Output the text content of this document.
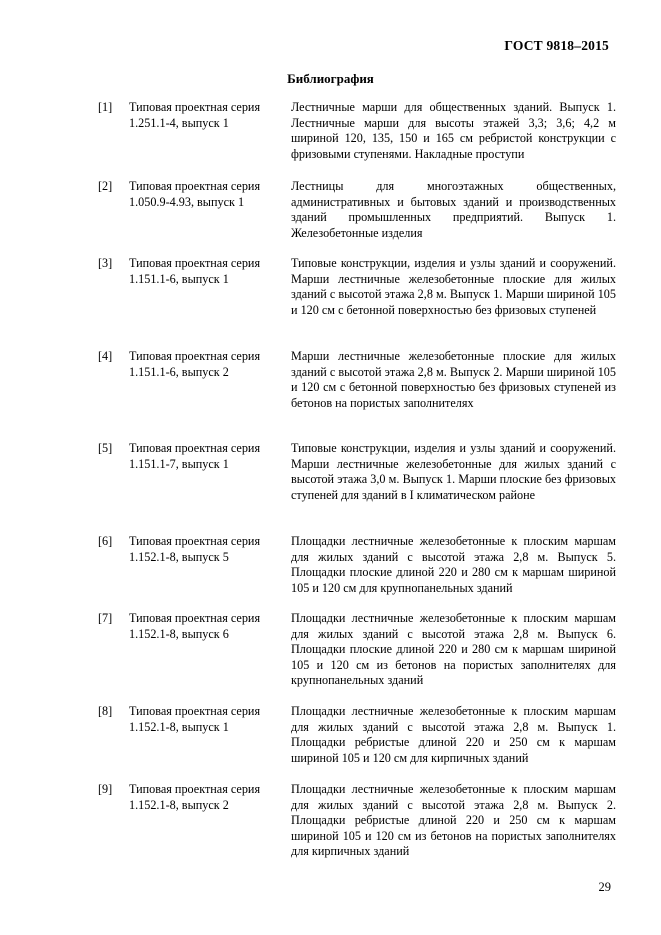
ГОСТ 9818–2015
Библиография
[1]	Типовая проектная серия
1.251.1-4, выпуск 1
Лестничные марши для общественных зданий. Выпуск 1. Лестничные марши для высоты этажей 3,3; 3,6; 4,2 м шириной 120, 135, 150 и 165 см ребристой конструкции с фризовыми ступенями. Накладные проступи
[2]	Типовая проектная серия
1.050.9-4.93, выпуск 1
Лестницы для многоэтажных общественных, административных и бытовых зданий и производственных зданий промышленных предприятий. Выпуск 1. Железобетонные изделия
[3]	Типовая проектная серия
1.151.1-6, выпуск 1
Типовые конструкции, изделия и узлы зданий и сооружений. Марши лестничные железобетонные плоские для жилых зданий с высотой этажа 2,8 м. Выпуск 1. Марши шириной 105 и 120 см с бетонной поверхностью без фризовых ступеней
[4]	Типовая проектная серия
1.151.1-6, выпуск 2
Марши лестничные железобетонные плоские для жилых зданий с высотой этажа 2,8 м. Выпуск 2. Марши шириной 105 и 120 см с бетонной поверхностью без фризовых ступеней из бетонов на пористых заполнителях
[5]	Типовая проектная серия
1.151.1-7, выпуск 1
Типовые конструкции, изделия и узлы зданий и сооружений. Марши лестничные железобетонные для жилых зданий с высотой этажа 3,0 м. Выпуск 1. Марши плоские без фризовых ступеней для зданий в I климатическом районе
[6]	Типовая проектная серия
1.152.1-8, выпуск 5
Площадки лестничные железобетонные к плоским маршам для жилых зданий с высотой этажа 2,8 м. Выпуск 5. Площадки плоские длиной 220 и 280 см к маршам шириной 105 и 120 см для крупнопанельных зданий
[7]	Типовая проектная серия
1.152.1-8, выпуск 6
Площадки лестничные железобетонные к плоским маршам для жилых зданий с высотой этажа 2,8 м. Выпуск 6. Площадки плоские длиной 220 и 280 см к маршам шириной 105 и 120 см из бетонов на пористых заполнителях для крупнопанельных зданий
[8]	Типовая проектная серия
1.152.1-8, выпуск 1
Площадки лестничные железобетонные к плоским маршам для жилых зданий с высотой этажа 2,8 м. Выпуск 1. Площадки ребристые длиной 220 и 250 см к маршам шириной 105 и 120 см для кирпичных зданий
[9]	Типовая проектная серия
1.152.1-8, выпуск 2
Площадки лестничные железобетонные к плоским маршам для жилых зданий с высотой этажа 2,8 м. Выпуск 2. Площадки ребристые длиной 220 и 250 см к маршам шириной 105 и 120 см из бетонов на пористых заполнителях для кирпичных зданий
29
